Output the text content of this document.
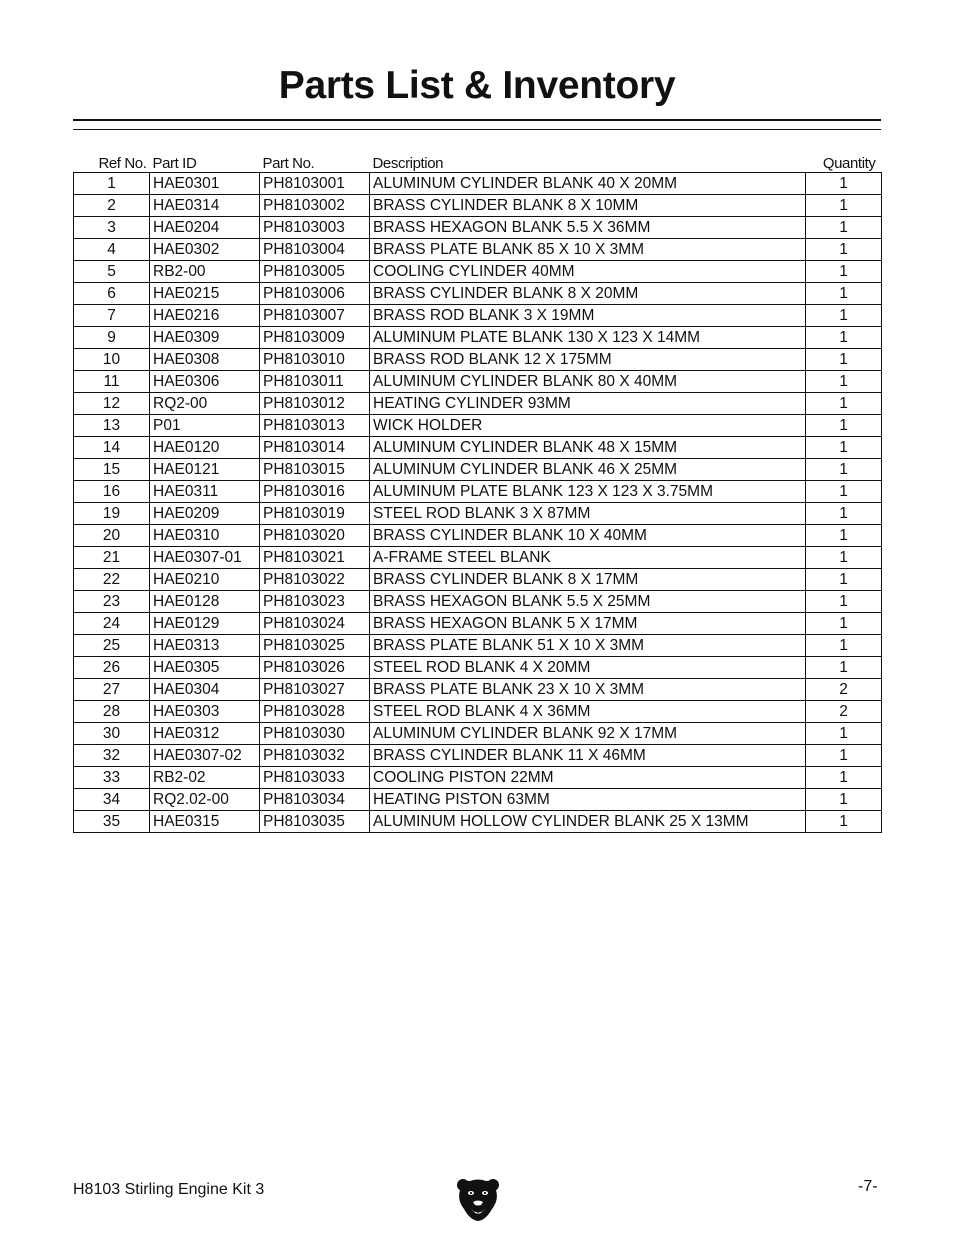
Parts List & Inventory
Ref No.	Part ID	Part No.	Description	Quantity
1	HAE0301	PH8103001	ALUMINUM CYLINDER BLANK 40 X 20MM	1
2	HAE0314	PH8103002	BRASS CYLINDER BLANK 8 X 10MM	1
3	HAE0204	PH8103003	BRASS HEXAGON BLANK 5.5 X 36MM	1
4	HAE0302	PH8103004	BRASS PLATE BLANK 85 X 10 X 3MM	1
5	RB2-00	PH8103005	COOLING CYLINDER 40MM	1
6	HAE0215	PH8103006	BRASS CYLINDER BLANK 8 X 20MM	1
7	HAE0216	PH8103007	BRASS ROD BLANK 3 X 19MM	1
9	HAE0309	PH8103009	ALUMINUM PLATE BLANK 130 X 123 X 14MM	1
10	HAE0308	PH8103010	BRASS ROD BLANK 12 X 175MM	1
11	HAE0306	PH8103011	ALUMINUM CYLINDER BLANK 80 X 40MM	1
12	RQ2-00	PH8103012	HEATING CYLINDER 93MM	1
13	P01	PH8103013	WICK HOLDER	1
14	HAE0120	PH8103014	ALUMINUM CYLINDER BLANK 48 X 15MM	1
15	HAE0121	PH8103015	ALUMINUM CYLINDER BLANK 46 X 25MM	1
16	HAE0311	PH8103016	ALUMINUM PLATE BLANK 123 X 123 X 3.75MM	1
19	HAE0209	PH8103019	STEEL ROD BLANK 3 X 87MM	1
20	HAE0310	PH8103020	BRASS CYLINDER BLANK 10 X 40MM	1
21	HAE0307-01	PH8103021	A-FRAME STEEL BLANK	1
22	HAE0210	PH8103022	BRASS CYLINDER BLANK 8 X 17MM	1
23	HAE0128	PH8103023	BRASS HEXAGON BLANK 5.5 X 25MM	1
24	HAE0129	PH8103024	BRASS HEXAGON BLANK 5 X 17MM	1
25	HAE0313	PH8103025	BRASS PLATE BLANK 51 X 10 X 3MM	1
26	HAE0305	PH8103026	STEEL ROD BLANK 4 X 20MM	1
27	HAE0304	PH8103027	BRASS PLATE BLANK 23 X 10 X 3MM	2
28	HAE0303	PH8103028	STEEL ROD BLANK 4 X 36MM	2
30	HAE0312	PH8103030	ALUMINUM CYLINDER BLANK 92 X 17MM	1
32	HAE0307-02	PH8103032	BRASS CYLINDER BLANK 11 X 46MM	1
33	RB2-02	PH8103033	COOLING PISTON 22MM	1
34	RQ2.02-00	PH8103034	HEATING PISTON 63MM	1
35	HAE0315	PH8103035	ALUMINUM HOLLOW CYLINDER BLANK 25 X 13MM	1
H8103 Stirling Engine Kit 3	-7-
